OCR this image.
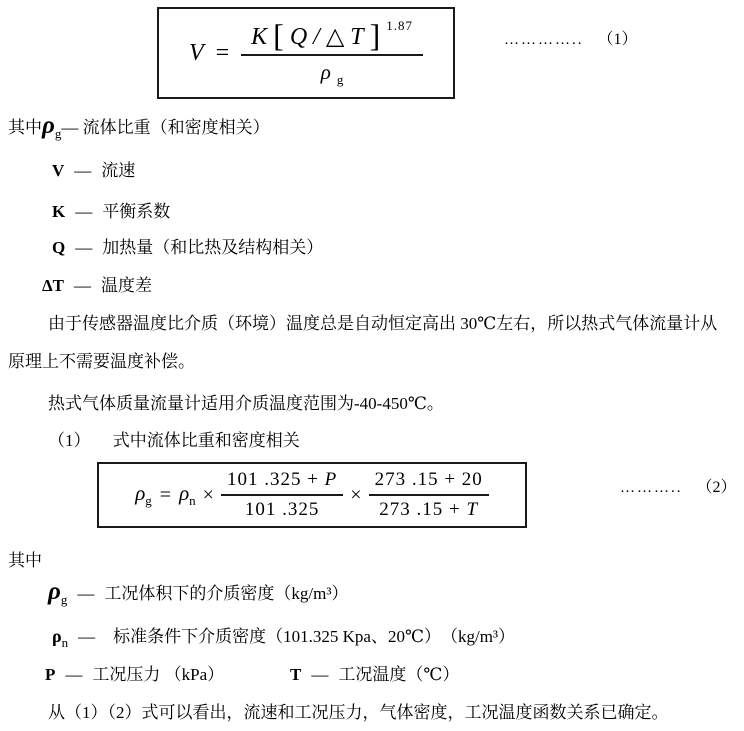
$V = \frac{K [ Q / \triangle T ] ^{1.87}}{\rho _g}$	………….. （1）
其中$\rho_g—$ 流体比重（和密度相关）
V — 流速
K — 平衡系数
Q — 加热量（和比热及结构相关）
ΔT — 温度差
由于传感器温度比介质（环境）温度总是自动恒定高出 30℃左右，所以热式气体流量计从原理上不需要温度补偿。
热式气体质量流量计适用介质温度范围为-40-450℃。
（1） 式中流体比重和密度相关
$\rho_g = \rho_n \times \frac{101 .325 + P}{101 .325} \times \frac{273 .15 + 20}{273 .15 + T}$	……….. （2）
其中
$\rho_g$ — 工况体积下的介质密度（kg/m³）
$\rho_n$ — 标准条件下介质密度（101.325 Kpa、20℃）　（kg/m³）
P — 工况压力 （kPa）	T — 工况温度（℃）
从（1）（2）式可以看出，流速和工况压力，气体密度，工况温度函数关系已确定。
